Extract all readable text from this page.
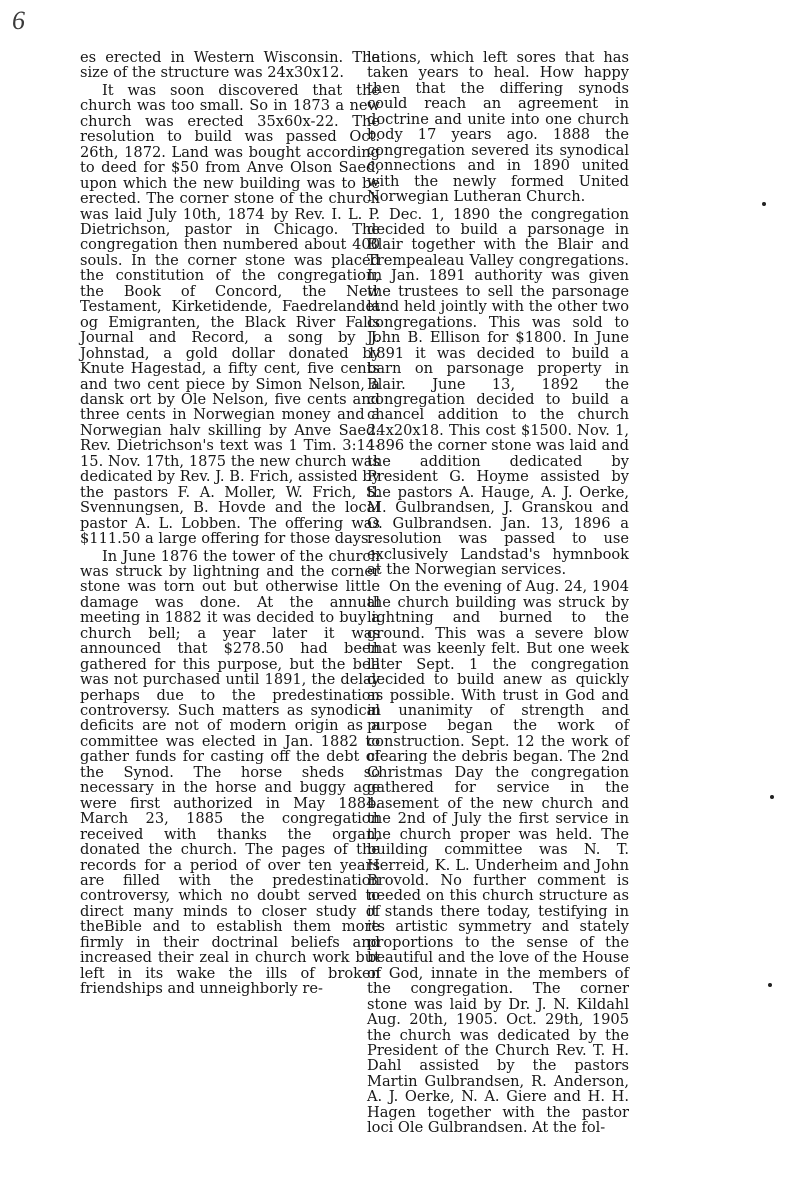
6

es erected in Western Wisconsin. The size of the structure was 24x30x12.

It was soon discovered that the church was too small. So in 1873 a new church was erected 35x60x-22. The resolution to build was passed Oct. 26th, 1872. Land was bought according to deed for $50 from Anve Olson Saed, upon which the new building was to be erected. The corner stone of the church was laid July 10th, 1874 by Rev. I. L. P. Dietrichson, pastor in Chicago. The congregation then numbered about 400 souls. In the corner stone was placed the constitution of the congregation, the Book of Concord, the New Testament, Kirketidende, Faedrelandet og Emigranten, the Black River Falls Journal and Record, a song by J. Johnstad, a gold dollar donated by Knute Hagestad, a fifty cent, five cents and two cent piece by Simon Nelson, a dansk ort by Ole Nelson, five cents and three cents in Norwegian money and a Norwegian halv skilling by Anve Saed. Rev. Dietrichson's text was 1 Tim. 3:14-15. Nov. 17th, 1875 the new church was dedicated by Rev. J. B. Frich, assisted by the pastors F. A. Moller, W. Frich, S. Svennungsen, B. Hovde and the local pastor A. L. Lobben. The offering was $111.50 a large offering for those days.

In June 1876 the tower of the church was struck by lightning and the corner stone was torn out but otherwise little damage was done. At the annual meeting in 1882 it was decided to buy a church bell; a year later it was announced that $278.50 had been gathered for this purpose, but the bell was not purchased until 1891, the delay perhaps due to the predestination controversy. Such matters as synodical deficits are not of modern origin as a committee was elected in Jan. 1882 to gather funds for casting off the debt of the Synod. The horse sheds so necessary in the horse and buggy age were first authorized in May 1884. March 23, 1885 the congregation received with thanks the organ, donated the church. The pages of the records for a period of over ten years are filled with the predestination controversy, which no doubt served to direct many minds to closer study of theBible and to establish them more firmly in their doctrinal beliefs and increased their zeal in church work but left in its wake the ills of broken friendships and unneighborly re-

lations, which left sores that has taken years to heal. How happy then that the differing synods could reach an agreement in doctrine and unite into one church body 17 years ago. 1888 the congregation severed its synodical connections and in 1890 united with the newly formed United Norwegian Lutheran Church.

Dec. 1, 1890 the congregation decided to build a parsonage in Blair together with the Blair and Trempealeau Valley congregations. In Jan. 1891 authority was given the trustees to sell the parsonage land held jointly with the other two congregations. This was sold to John B. Ellison for $1800. In June 1891 it was decided to build a barn on parsonage property in Blair. June 13, 1892 the congregation decided to build a chancel addition to the church 24x20x18. This cost $1500. Nov. 1, 1896 the corner stone was laid and the addition dedicated by President G. Hoyme assisted by the pastors A. Hauge, A. J. Oerke, M. Gulbrandsen, J. Granskou and O. Gulbrandsen. Jan. 13, 1896 a resolution was passed to use exclusively Landstad's hymnbook at the Norwegian services.

On the evening of Aug. 24, 1904 the church building was struck by lightning and burned to the ground. This was a severe blow that was keenly felt. But one week later Sept. 1 the congregation decided to build anew as quickly as possible. With trust in God and in unanimity of strength and purpose began the work of construction. Sept. 12 the work of clearing the debris began. The 2nd Christmas Day the congregation gathered for service in the basement of the new church and the 2nd of July the first service in the church proper was held. The building committee was N. T. Herreid, K. L. Underheim and John Brovold. No further comment is needed on this church structure as it stands there today, testifying in its artistic symmetry and stately proportions to the sense of the beautiful and the love of the House of God, innate in the members of the congregation. The corner stone was laid by Dr. J. N. Kildahl Aug. 20th, 1905. Oct. 29th, 1905 the church was dedicated by the President of the Church Rev. T. H. Dahl assisted by the pastors Martin Gulbrandsen, R. Anderson, A. J. Oerke, N. A. Giere and H. H. Hagen together with the pastor loci Ole Gulbrandsen. At the fol-
